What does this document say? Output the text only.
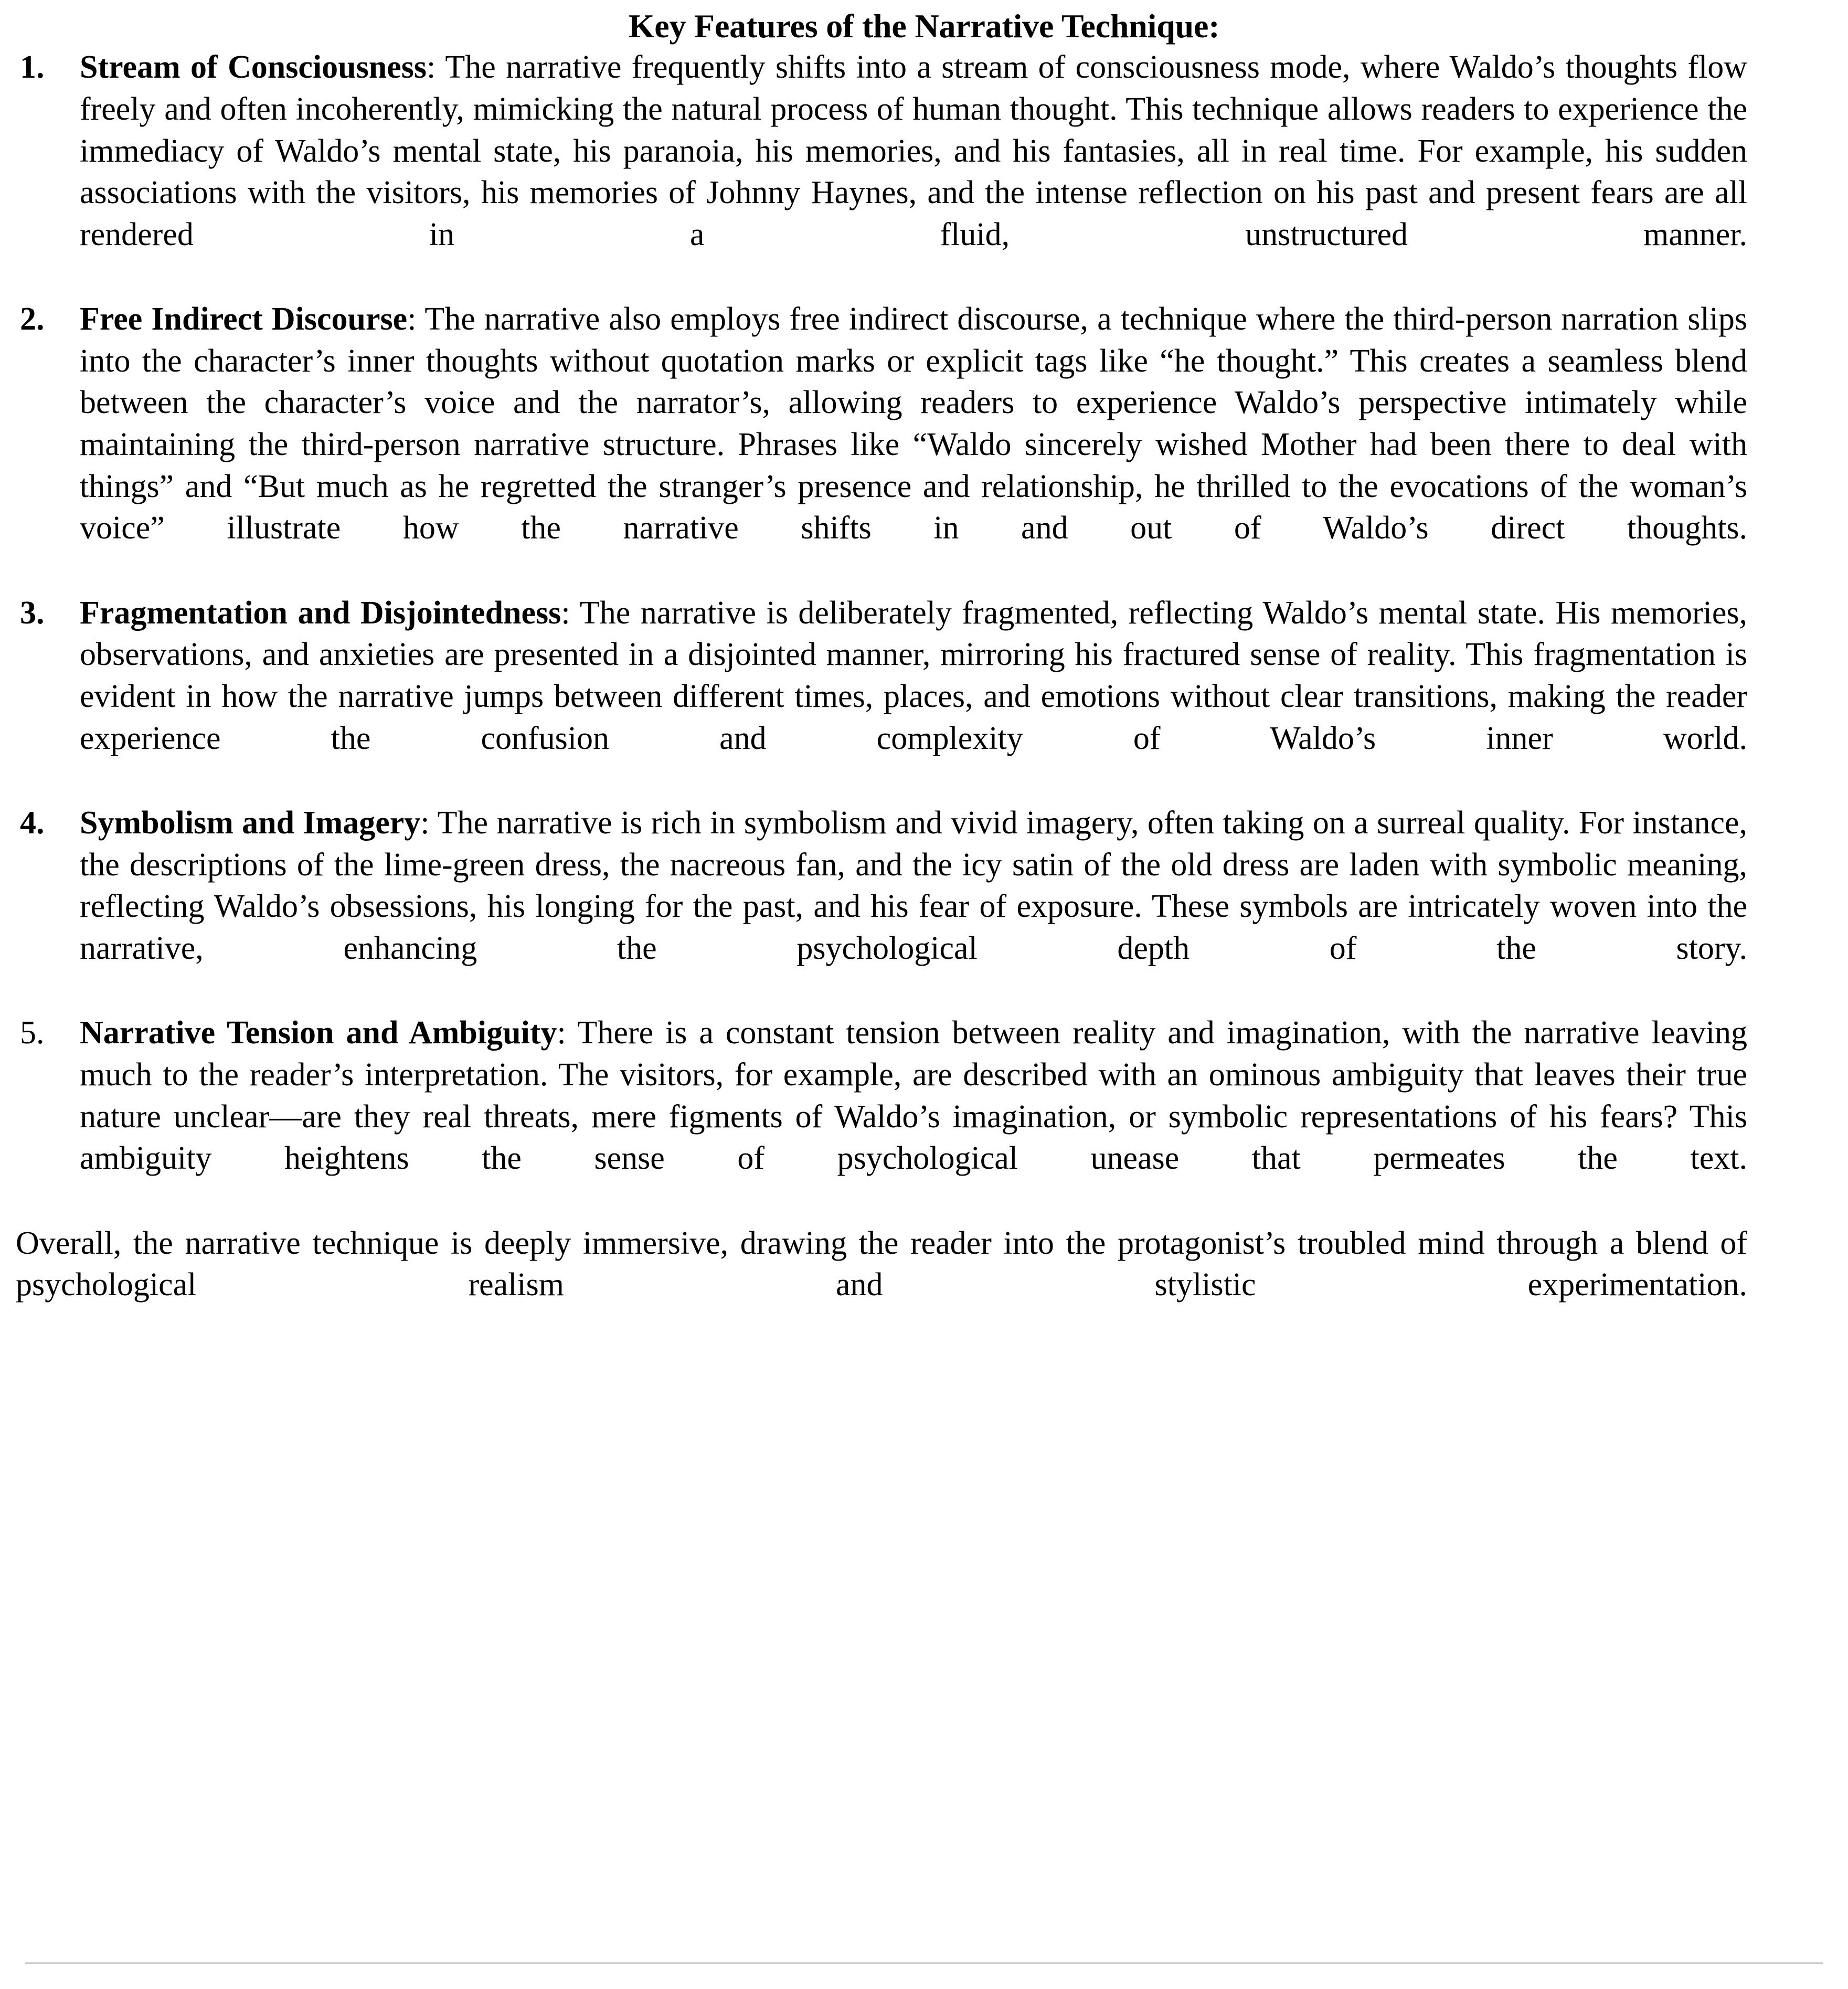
Key Features of the Narrative Technique:
1.	Stream of Consciousness: The narrative frequently shifts into a stream of consciousness mode, where Waldo’s thoughts flow freely and often incoherently, mimicking the natural process of human thought. This technique allows readers to experience the immediacy of Waldo’s mental state, his paranoia, his memories, and his fantasies, all in real time. For example, his sudden associations with the visitors, his memories of Johnny Haynes, and the intense reflection on his past and present fears are all rendered in a fluid, unstructured manner.

2.	Free Indirect Discourse: The narrative also employs free indirect discourse, a technique where the third-person narration slips into the character’s inner thoughts without quotation marks or explicit tags like “he thought.” This creates a seamless blend between the character’s voice and the narrator’s, allowing readers to experience Waldo’s perspective intimately while maintaining the third-person narrative structure. Phrases like “Waldo sincerely wished Mother had been there to deal with things” and “But much as he regretted the stranger’s presence and relationship, he thrilled to the evocations of the woman’s voice” illustrate how the narrative shifts in and out of Waldo’s direct thoughts.

3.	Fragmentation and Disjointedness: The narrative is deliberately fragmented, reflecting Waldo’s mental state. His memories, observations, and anxieties are presented in a disjointed manner, mirroring his fractured sense of reality. This fragmentation is evident in how the narrative jumps between different times, places, and emotions without clear transitions, making the reader experience the confusion and complexity of Waldo’s inner world.

4.	Symbolism and Imagery: The narrative is rich in symbolism and vivid imagery, often taking on a surreal quality. For instance, the descriptions of the lime-green dress, the nacreous fan, and the icy satin of the old dress are laden with symbolic meaning, reflecting Waldo’s obsessions, his longing for the past, and his fear of exposure. These symbols are intricately woven into the narrative, enhancing the psychological depth of the story.

5.	Narrative Tension and Ambiguity: There is a constant tension between reality and imagination, with the narrative leaving much to the reader’s interpretation. The visitors, for example, are described with an ominous ambiguity that leaves their true nature unclear—are they real threats, mere figments of Waldo’s imagination, or symbolic representations of his fears? This ambiguity heightens the sense of psychological unease that permeates the text.

Overall, the narrative technique is deeply immersive, drawing the reader into the protagonist’s troubled mind through a blend of psychological realism and stylistic experimentation.
